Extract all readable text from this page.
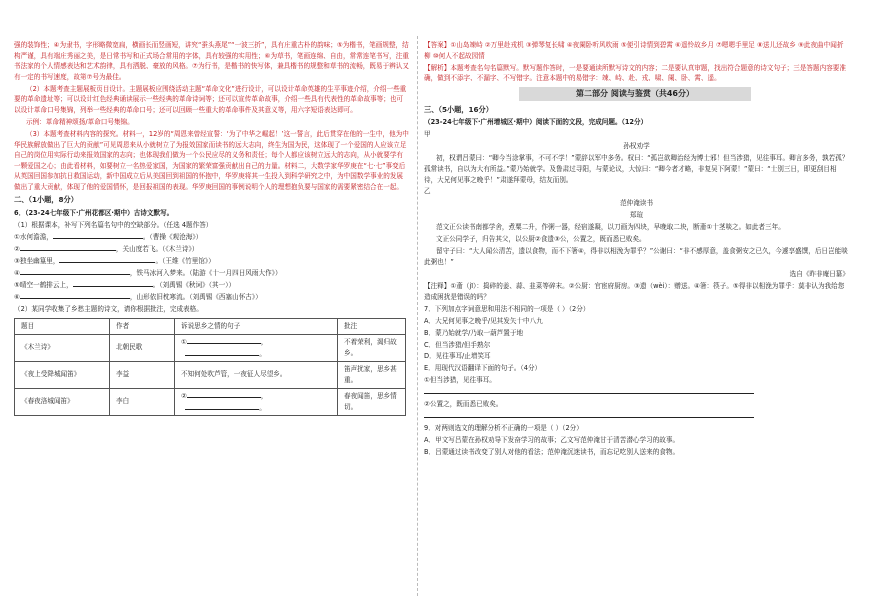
强的装饰性；④为隶书，字形略微宽扁，横画长而竖画短，讲究“蚕头燕尾”“一波三折”，具有庄重古朴的韵味；⑤为楷书，笔画规整，结构严谨，具有端庄秀丽之美，是日常书写和正式场合常用的字体，具有较强的实用性；⑥为草书，笔画连绵、自由，常常连笔书写，注重书法家的个人情感表达和艺术韵律，具有洒脱、豪放的风格。⑦为行书，是楷书的快写体，兼具楷书的规整和草书的流畅，既易于辨认又有一定的书写速度，故第⑦号为最佳。

（2）本题考查主题展板页目设计。主题展板应围绕活动主题“革命文化”进行设计，可以设计革命英雄的生平事迹介绍，介绍一些重要的革命遗址等；可以设计红色经典诵读展示一些经典的革命诗词等；还可以宣传革命故事，介绍一些具有代表性的革命故事等；也可以设计革命口号集锦，列举一些经典的革命口号；还可以回顾一些重大的革命事件及其意义等，用六字短语表达即可。

示例：革命精神颂扬/革命口号集锦。

（3）本题考查材料内容的探究。材料一，12岁的“周恩来曾经宣誓：‘为了中华之崛起！’这一誓言，此后贯穿在他的一生中，他为中华民族解放做出了巨大的贡献”可见周恩来从小就树立了为报效国家而读书的远大志向，终生为国为民，这体现了一个爱国的人应该立足自己的岗位用实际行动来报效国家的志向；也体现我们做为一个公民应尽的义务和责任；每个人都应该树立远大的志向，从小就要学有一颗爱国之心；由此看材料，如要树立一名热爱家国，为国家的繁荣富强贡献出自己的力量。材料二，大数学家华罗庚在“七·七”事变后从英国回国参加抗日救国运动，新中国成立后从美国回到祖国的怀抱中，华罗庚将其一生投入到科学研究之中，为中国数学事业的发展做出了重大贡献，体现了他的爱国情怀，是回报祖国的表现。华罗庚回国的事例说明个人的理想抱负要与国家的需要紧密结合在一起。

二、（1小题，8分）

6．（23-24七年级下·广州花都区·期中）古诗文默写。

（1）根据课本，补写下列名篇名句中的空缺部分。（任选 4题作答）

①水何澹澹，	。（曹操《观沧海》）

②	，关山度若飞。（《木兰诗》）

③独坐幽篁里，	。（王维《竹里馆》）

④	，铁马冰河入梦来。（陆游《十一月四日风雨大作》）

⑤晴空一鹤排云上，	。（刘禹锡《秋词》（其一））

⑥	，山形依旧枕寒流。（刘禹锡《西塞山怀古》）

（2）某同学收集了乡愁主题的诗文，请你根据批注，完成表格。

题目	作者	诉说思乡之情的句子	批注
《木兰诗》	北朝民歌	① ，
。	不着荣利，渴归故乡。
《夜上受降城闻笛》	李益	不知何处吹芦管，一夜征人尽望乡。	笛声扰家，思乡甚重。
《春夜洛城闻笛》	李白	② ，
。	春夜闻笛，思乡情切。

【答案】①山岛竦峙 ②万里赴戎机 ③弹琴复长啸 ④夜阑卧听风吹雨 ⑤便引诗情到碧霄 ⑥遥怜故乡月 ⑦嗯嗯手里足 ⑧送儿还故乡 ⑨此夜曲中闻折柳 ⑩何人不起故园情

【解析】本题考查名句名篇默写。默写题作答时，一是要通读所默写诗文的内容；二是要认真审题，找出符合题意的诗文句子；三是答题内容要准确，做到不添字、不漏字、不写错字。注意本题中的易错字：竦、峙、赴、戎、啸、阑、卧、霄、遥。

第二部分 阅读与鉴赏（共46分）
三、（5小题，16分）

（23-24七年级下·广州增城区·期中）阅读下面的文段，完成问题。（12分）

甲

孙权劝学

初，权谓吕蒙曰：“卿今当涂掌事，不可不学！”蒙辞以军中多务。权曰：“孤岂欲卿治经为博士邪！但当涉猎，见往事耳。卿言多务，孰若孤？孤常读书，自以为大有所益。”蒙乃始就学。及鲁肃过寻阳，与蒙论议，大惊曰：“卿今者才略，非复吴下阿蒙！”蒙曰：“士别三日，即更刮目相待，大兄何见事之晚乎！”肃遂拜蒙母，结友而别。

乙

范仲淹读书

郑瑄

范文正公读书南都学舍，煮粟二升，作粥一器，经宿遂凝，以刀画为四块，早晚取二块，断齑①十茎啖之。如此者三年。

文正公同学子，归告其父，以公厨②食遗③公，公置之，既而悉已败矣。

留守子曰：“大人闻公清苦，遗以食物，而不下箸④，得非以相浼为罪乎？”公谢曰：“非不感厚意，盖食粥安之已久，今遽享盛馔，后日岂能啖此粥也！”

选自《昨非庵日纂》

【注释】①齑（jī）：捣碎的姜、蒜、韭菜等碎末。②公厨：官宦府厨房。③遗（wèi）：赠送。④箸：筷子。⑤得非以相浼为罪乎：莫非认为我给您造成困扰是错误的吗？

7．下列加点字词意思和用法不相同的一项是（ ）（2分）

A．大兄何见事之晚乎/见其发矢十中八九

B．蒙乃始就学/乃取一葫芦置于地

C．但当涉猎/但手熟尔

D．见往事耳/止增笑耳

E．用现代汉语翻译下面的句子。（4分）

①但当涉猎，见往事耳。

②公置之，既而悉已败矣。

9．对两则选文的理解分析不正确的一项是（ ）（2分）

A．甲文写吕蒙在孙权劝导下发奋学习的故事；乙文写范仲淹甘于清苦潜心学习的故事。

B．吕蒙通过读书改变了别人对他的看法；范仲淹沉迷读书，而忘记吃别人送来的食物。
